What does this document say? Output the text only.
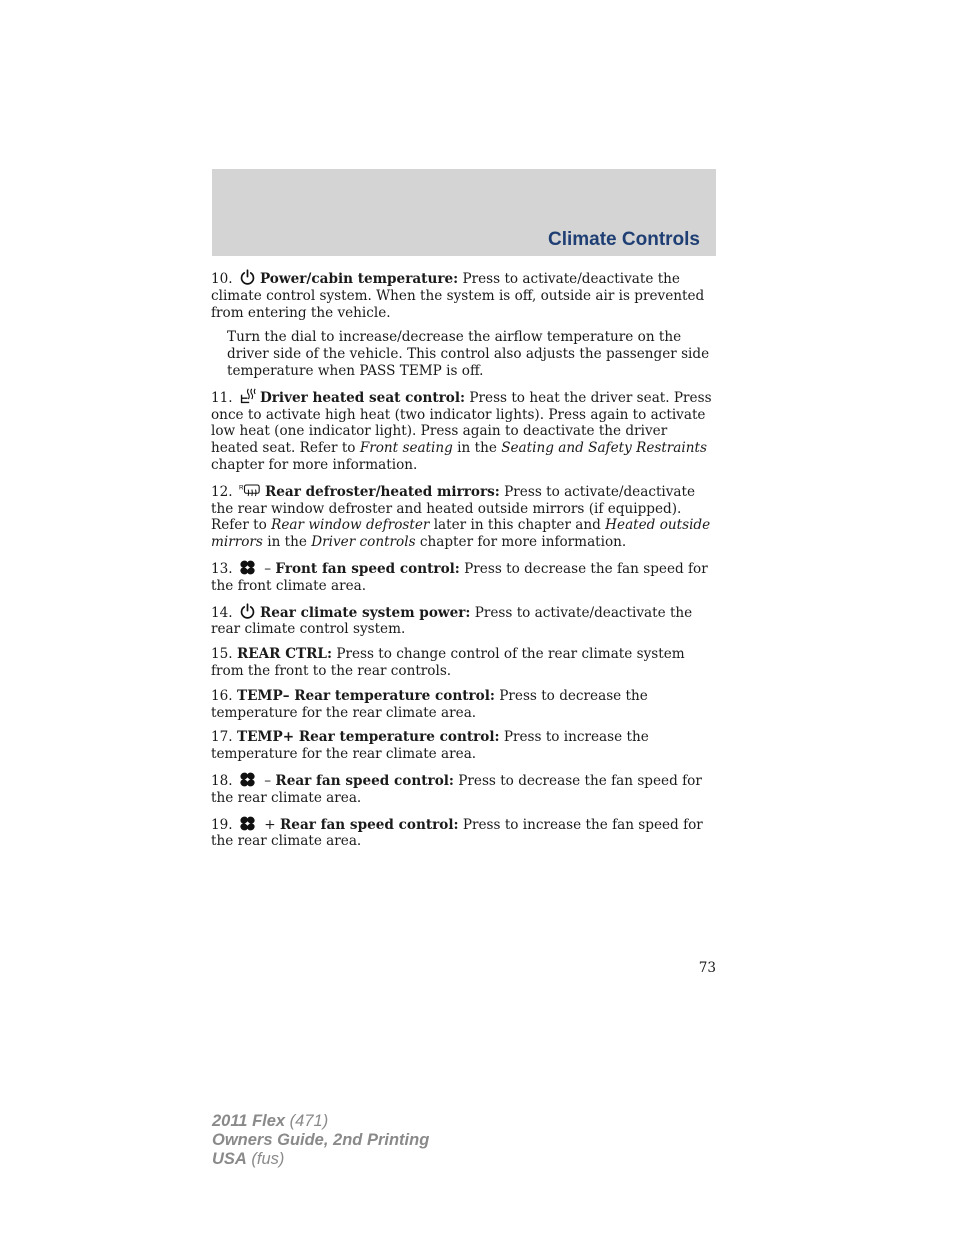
Climate Controls

10. Power/cabin temperature: Press to activate/deactivate the climate control system. When the system is off, outside air is prevented from entering the vehicle.

Turn the dial to increase/decrease the airflow temperature on the driver side of the vehicle. This control also adjusts the passenger side temperature when PASS TEMP is off.

11. Driver heated seat control: Press to heat the driver seat. Press once to activate high heat (two indicator lights). Press again to activate low heat (one indicator light). Press again to deactivate the driver heated seat. Refer to Front seating in the Seating and Safety Restraints chapter for more information.

12. R Rear defroster/heated mirrors: Press to activate/deactivate the rear window defroster and heated outside mirrors (if equipped). Refer to Rear window defroster later in this chapter and Heated outside mirrors in the Driver controls chapter for more information.

13.
– Front fan speed control: Press to decrease the fan speed for the front climate area.

14. Rear climate system power: Press to activate/deactivate the rear climate control system.

15. REAR CTRL: Press to change control of the rear climate system from the front to the rear controls.

16. TEMP– Rear temperature control: Press to decrease the temperature for the rear climate area.

17. TEMP+ Rear temperature control: Press to increase the temperature for the rear climate area.

18.
– Rear fan speed control: Press to decrease the fan speed for the rear climate area.

19.
+ Rear fan speed control: Press to increase the fan speed for the rear climate area.

73
2011 Flex (471)
Owners Guide, 2nd Printing
USA (fus)
